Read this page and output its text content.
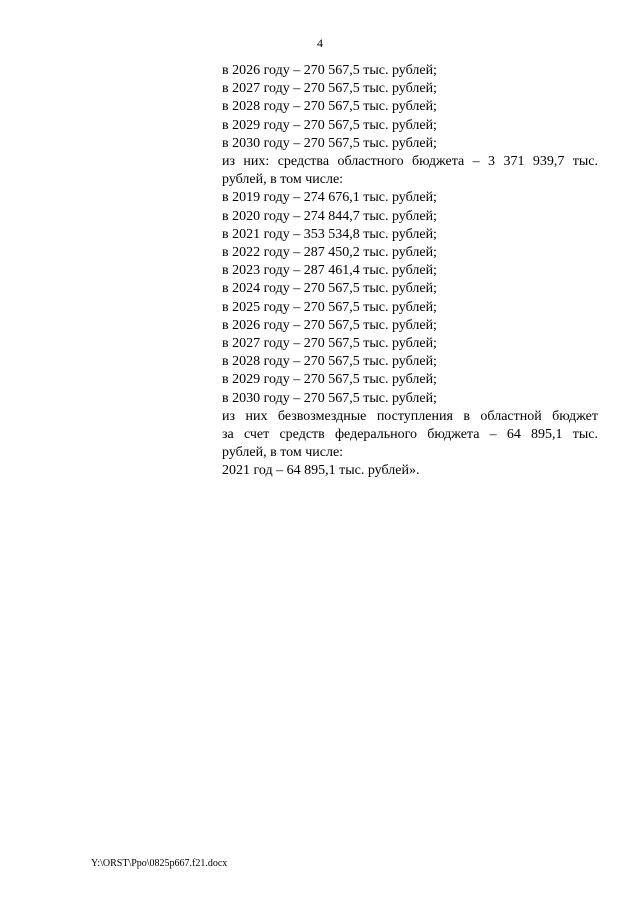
4
в 2026 году – 270 567,5 тыс. рублей;
в 2027 году – 270 567,5 тыс. рублей;
в 2028 году – 270 567,5 тыс. рублей;
в 2029 году – 270 567,5 тыс. рублей;
в 2030 году – 270 567,5 тыс. рублей;
из них: средства областного бюджета – 3 371 939,7 тыс.
рублей, в том числе:
в 2019 году – 274 676,1 тыс. рублей;
в 2020 году – 274 844,7 тыс. рублей;
в 2021 году – 353 534,8 тыс. рублей;
в 2022 году – 287 450,2 тыс. рублей;
в 2023 году – 287 461,4 тыс. рублей;
в 2024 году – 270 567,5 тыс. рублей;
в 2025 году – 270 567,5 тыс. рублей;
в 2026 году – 270 567,5 тыс. рублей;
в 2027 году – 270 567,5 тыс. рублей;
в 2028 году – 270 567,5 тыс. рублей;
в 2029 году – 270 567,5 тыс. рублей;
в 2030 году – 270 567,5 тыс. рублей;
из них безвозмездные поступления в областной бюджет
за счет средств федерального бюджета – 64 895,1 тыс.
рублей, в том числе:
2021 год – 64 895,1 тыс. рублей».
Y:\ORST\Ppo\0825p667.f21.docx
